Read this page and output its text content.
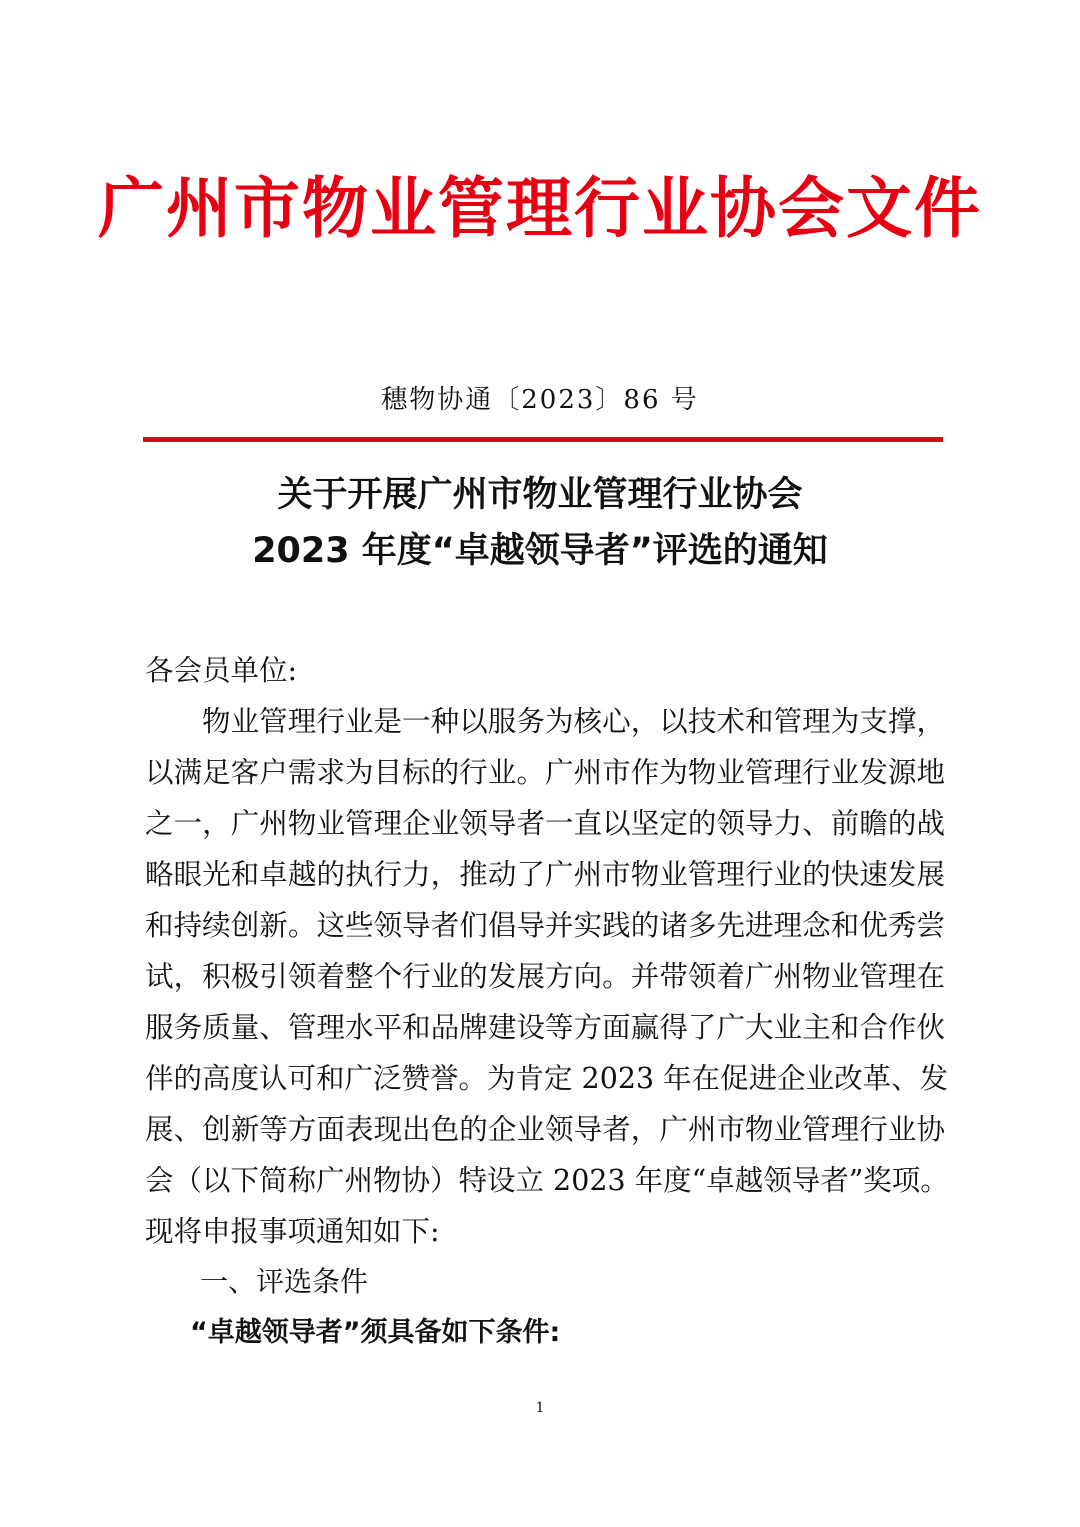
广州市物业管理行业协会文件
穗物协通〔2023〕86 号
关于开展广州市物业管理行业协会
2023 年度“卓越领导者”评选的通知
各会员单位:
物业管理行业是一种以服务为核心，以技术和管理为支撑，
以满足客户需求为目标的行业。广州市作为物业管理行业发源地
之一，广州物业管理企业领导者一直以坚定的领导力、前瞻的战
略眼光和卓越的执行力，推动了广州市物业管理行业的快速发展
和持续创新。这些领导者们倡导并实践的诸多先进理念和优秀尝
试，积极引领着整个行业的发展方向。并带领着广州物业管理在
服务质量、管理水平和品牌建设等方面赢得了广大业主和合作伙
伴的高度认可和广泛赞誉。为肯定 2023 年在促进企业改革、发
展、创新等方面表现出色的企业领导者，广州市物业管理行业协
会（以下简称广州物协）特设立 2023 年度“卓越领导者”奖项。
现将申报事项通知如下:
一、评选条件
“卓越领导者”须具备如下条件:
1
